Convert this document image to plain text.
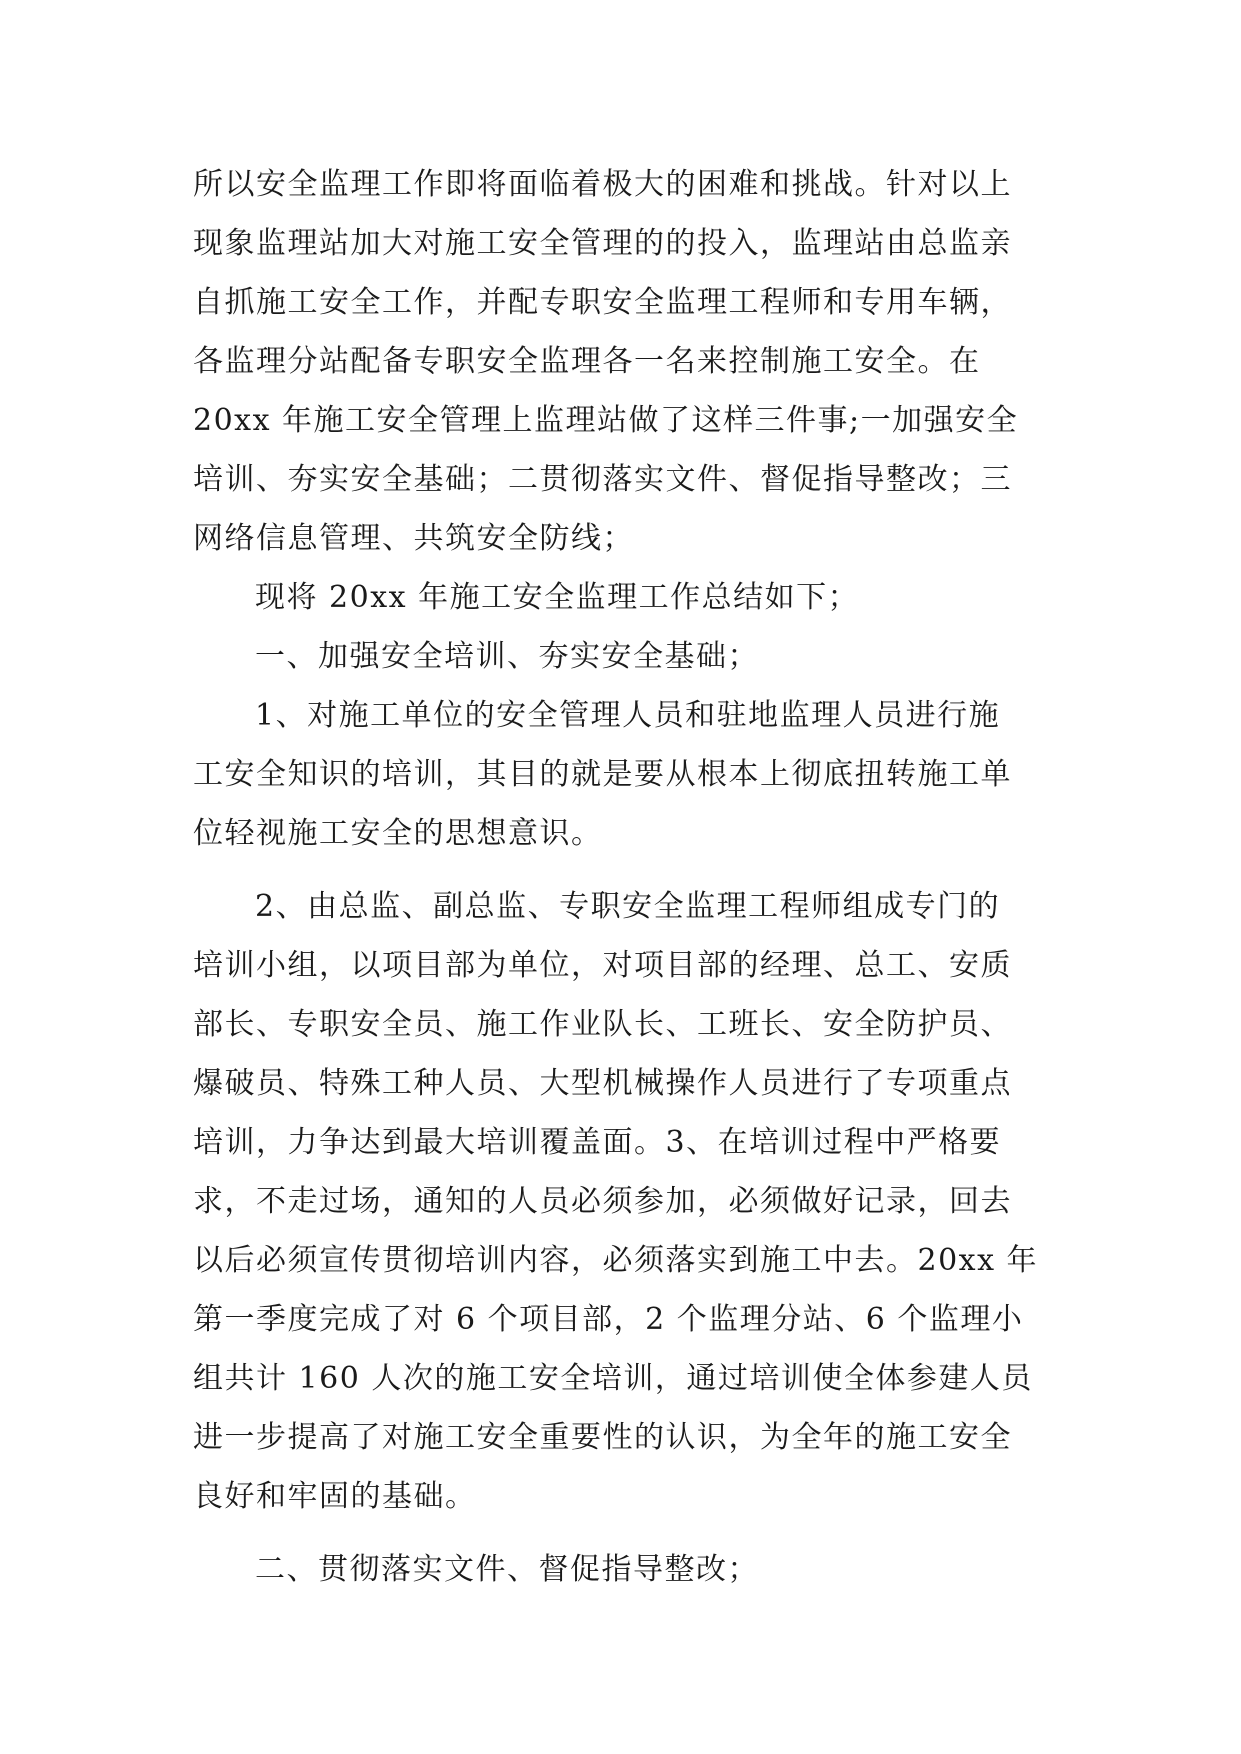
所以安全监理工作即将面临着极大的困难和挑战。针对以上
现象监理站加大对施工安全管理的的投入，监理站由总监亲
自抓施工安全工作，并配专职安全监理工程师和专用车辆，
各监理分站配备专职安全监理各一名来控制施工安全。在
20xx 年施工安全管理上监理站做了这样三件事;一加强安全
培训、夯实安全基础；二贯彻落实文件、督促指导整改；三
网络信息管理、共筑安全防线；
现将 20xx 年施工安全监理工作总结如下；
一、加强安全培训、夯实安全基础；
1、对施工单位的安全管理人员和驻地监理人员进行施
工安全知识的培训，其目的就是要从根本上彻底扭转施工单
位轻视施工安全的思想意识。
2、由总监、副总监、专职安全监理工程师组成专门的
培训小组，以项目部为单位，对项目部的经理、总工、安质
部长、专职安全员、施工作业队长、工班长、安全防护员、
爆破员、特殊工种人员、大型机械操作人员进行了专项重点
培训，力争达到最大培训覆盖面。3、在培训过程中严格要
求，不走过场，通知的人员必须参加，必须做好记录，回去
以后必须宣传贯彻培训内容，必须落实到施工中去。20xx 年
第一季度完成了对 6 个项目部，2 个监理分站、6 个监理小
组共计 160 人次的施工安全培训，通过培训使全体参建人员
进一步提高了对施工安全重要性的认识，为全年的施工安全
良好和牢固的基础。
二、贯彻落实文件、督促指导整改；
